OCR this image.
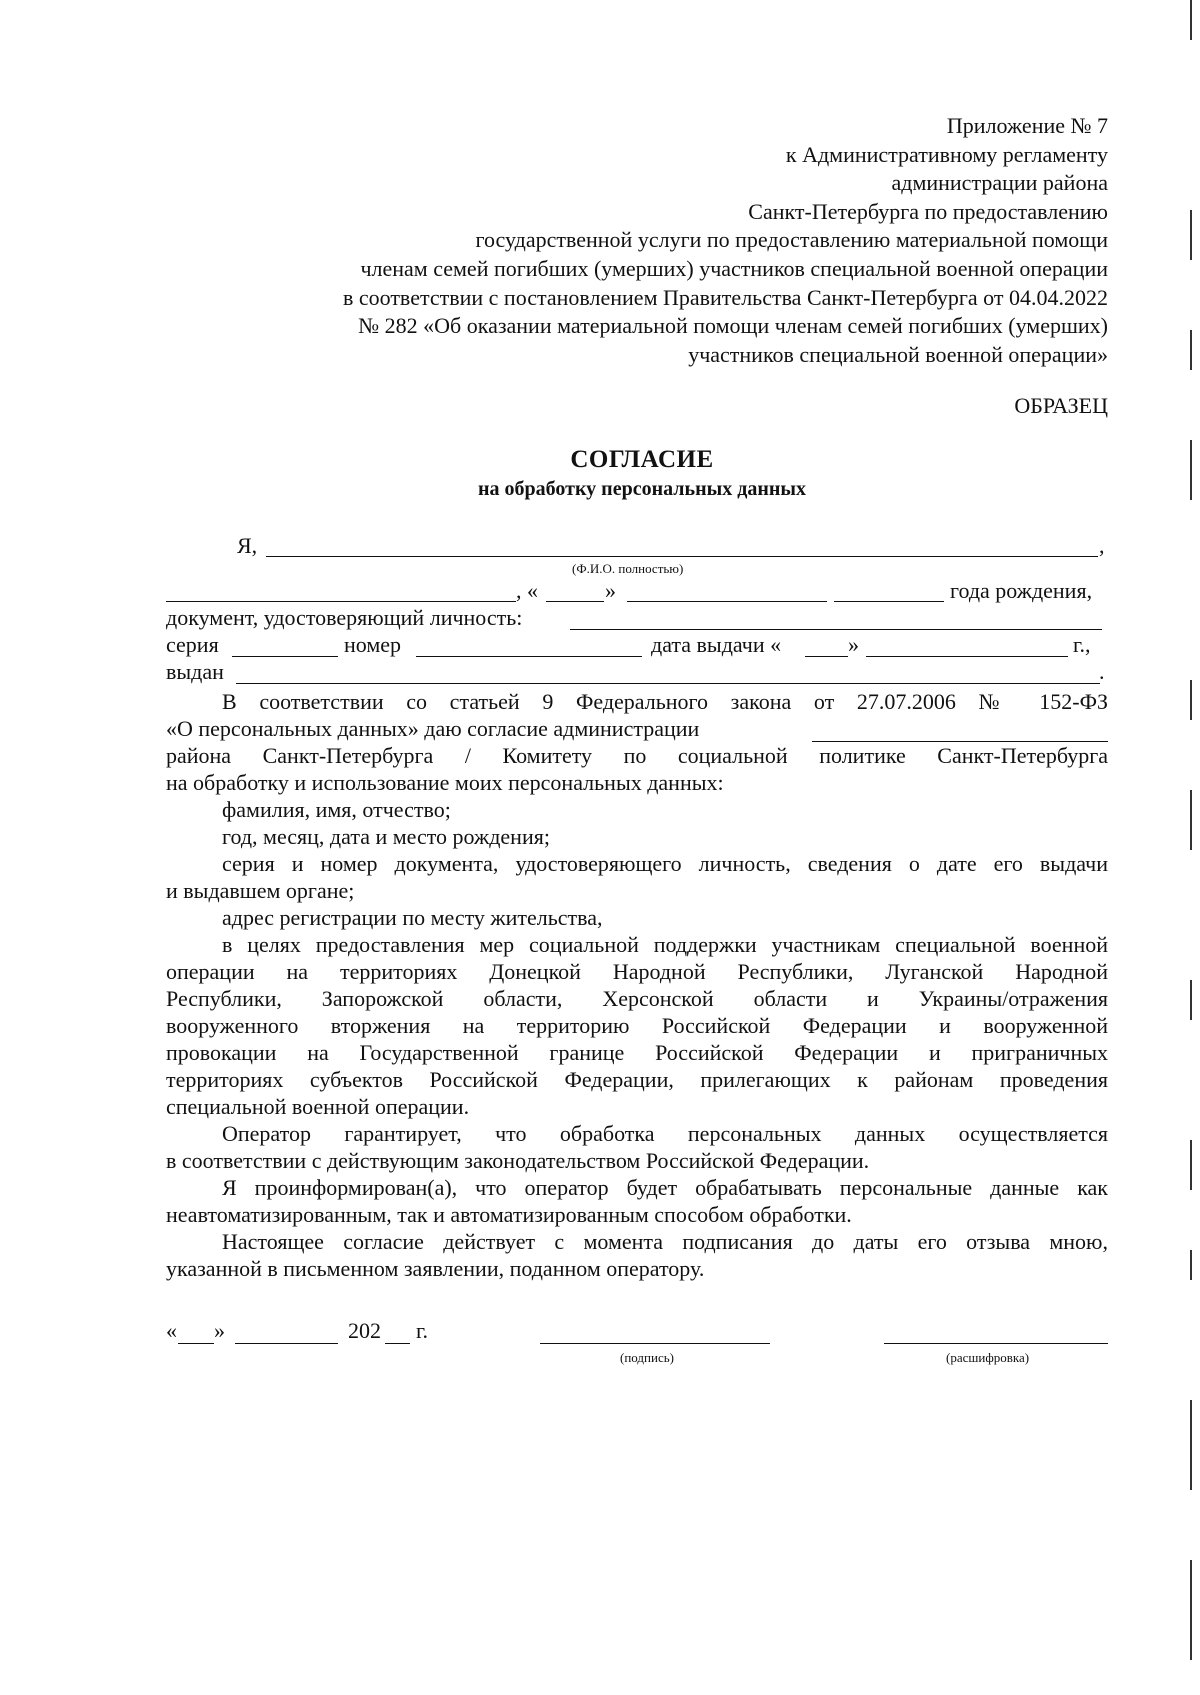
Приложение № 7
к Административному регламенту
администрации района
Санкт-Петербурга по предоставлению
государственной услуги по предоставлению материальной помощи
членам семей погибших (умерших) участников специальной военной операции
в соответствии с постановлением Правительства Санкт-Петербурга от 04.04.2022
№ 282 «Об оказании материальной помощи членам семей погибших (умерших)
участников специальной военной операции»
ОБРАЗЕЦ
СОГЛАСИЕ
на обработку персональных данных
Я,	,
(Ф.И.О. полностью)
, «	»	года рождения,
документ, удостоверяющий личность:
серия	номер	дата выдачи «	»	г.,
выдан	.
В соответствии со статьей 9 Федерального закона от 27.07.2006 № 152-ФЗ
«О персональных данных» даю согласие администрации
района Санкт-Петербурга / Комитету по социальной политике Санкт-Петербурга
на обработку и использование моих персональных данных:
фамилия, имя, отчество;
год, месяц, дата и место рождения;
серия и номер документа, удостоверяющего личность, сведения о дате его выдачи
и выдавшем органе;
адрес регистрации по месту жительства,
в целях предоставления мер социальной поддержки участникам специальной военной
операции на территориях Донецкой Народной Республики, Луганской Народной
Республики, Запорожской области, Херсонской области и Украины/отражения
вооруженного вторжения на территорию Российской Федерации и вооруженной
провокации на Государственной границе Российской Федерации и приграничных
территориях субъектов Российской Федерации, прилегающих к районам проведения
специальной военной операции.
Оператор гарантирует, что обработка персональных данных осуществляется
в соответствии с действующим законодательством Российской Федерации.
Я проинформирован(а), что оператор будет обрабатывать персональные данные как
неавтоматизированным, так и автоматизированным способом обработки.
Настоящее согласие действует с момента подписания до даты его отзыва мною,
указанной в письменном заявлении, поданном оператору.
« »	202 г.
(подпись)	(расшифровка)
